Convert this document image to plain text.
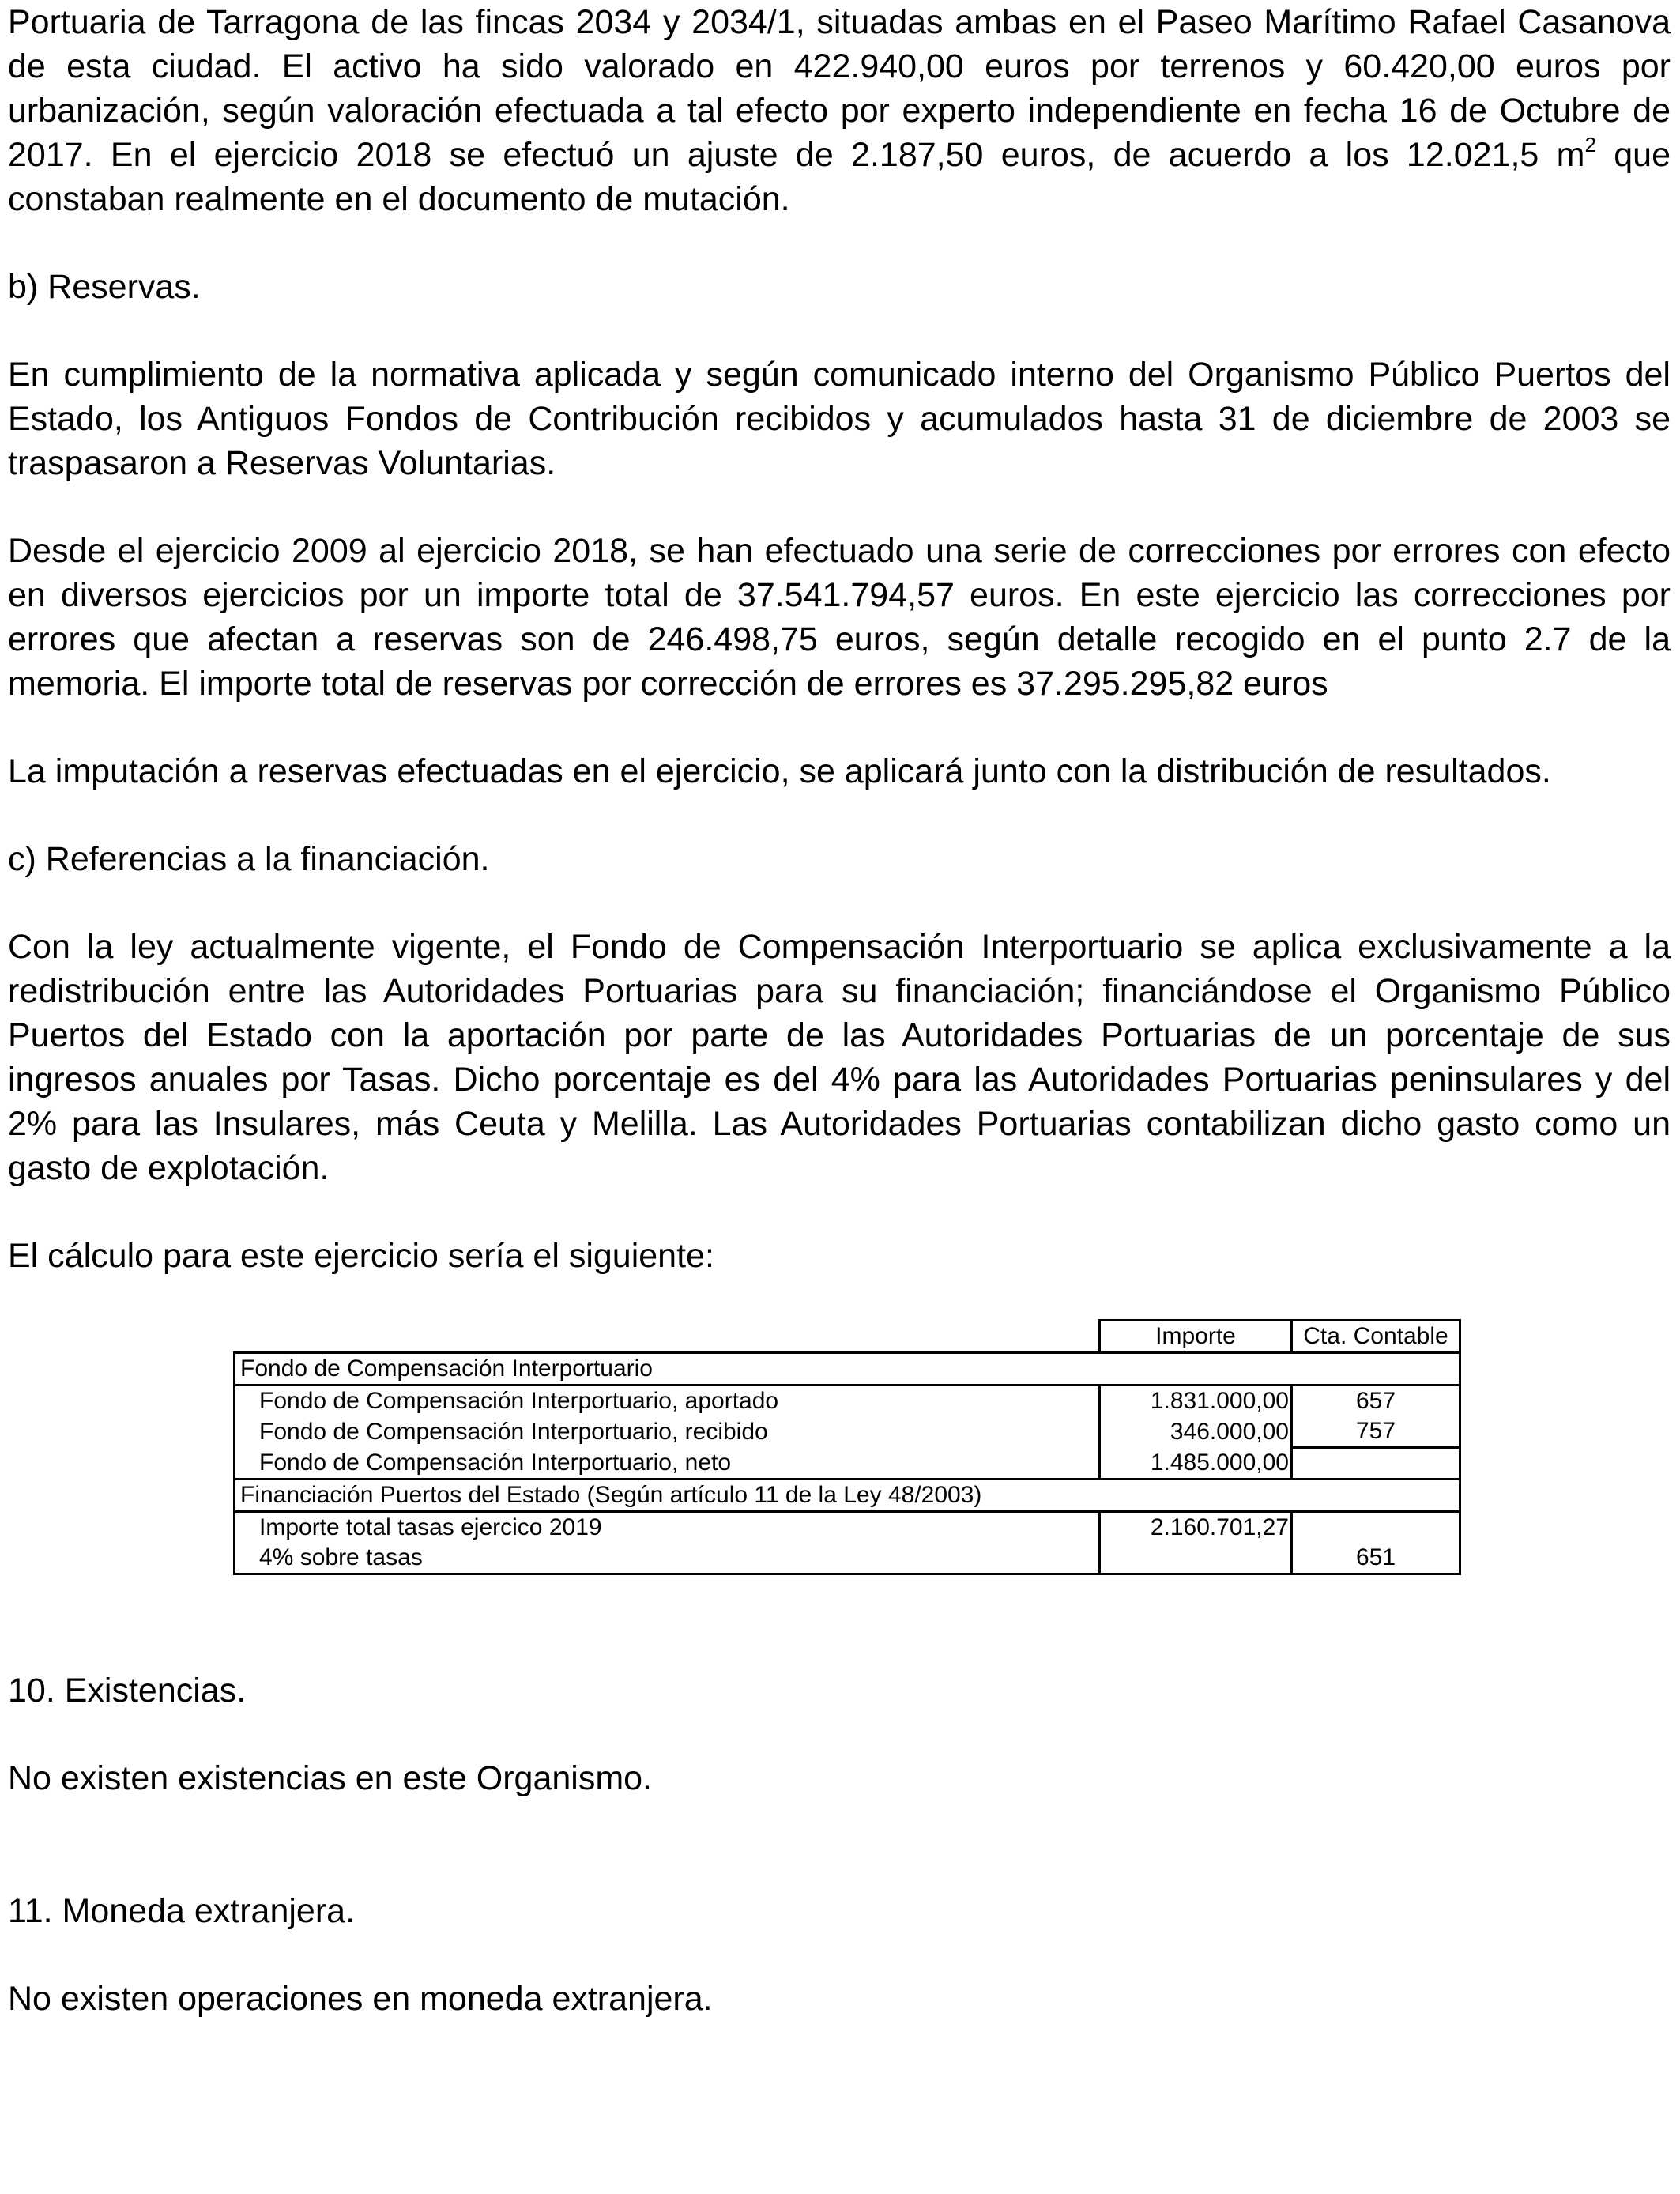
Portuaria de Tarragona de las fincas 2034 y 2034/1, situadas ambas en el Paseo Marítimo Rafael Casanova de esta ciudad. El activo ha sido valorado en 422.940,00 euros por terrenos y 60.420,00 euros por urbanización, según valoración efectuada a tal efecto por experto independiente en fecha 16 de Octubre de 2017. En el ejercicio 2018 se efectuó un ajuste de 2.187,50 euros, de acuerdo a los 12.021,5 $m^2$ que constaban realmente en el documento de mutación.

b) Reservas.

En cumplimiento de la normativa aplicada y según comunicado interno del Organismo Público Puertos del Estado, los Antiguos Fondos de Contribución recibidos y acumulados hasta 31 de diciembre de 2003 se traspasaron a Reservas Voluntarias.

Desde el ejercicio 2009 al ejercicio 2018, se han efectuado una serie de correcciones por errores con efecto en diversos ejercicios por un importe total de 37.541.794,57 euros. En este ejercicio las correcciones por errores que afectan a reservas son de 246.498,75 euros, según detalle recogido en el punto 2.7 de la memoria. El importe total de reservas por corrección de errores es 37.295.295,82 euros

La imputación a reservas efectuadas en el ejercicio, se aplicará junto con la distribución de resultados.

c) Referencias a la financiación.

Con la ley actualmente vigente, el Fondo de Compensación Interportuario se aplica exclusivamente a la redistribución entre las Autoridades Portuarias para su financiación; financiándose el Organismo Público Puertos del Estado con la aportación por parte de las Autoridades Portuarias de un porcentaje de sus ingresos anuales por Tasas. Dicho porcentaje es del 4% para las Autoridades Portuarias peninsulares y del 2% para las Insulares, más Ceuta y Melilla. Las Autoridades Portuarias contabilizan dicho gasto como un gasto de explotación.

El cálculo para este ejercicio sería el siguiente:

	Importe	Cta. Contable
Fondo de Compensación Interportuario		
Fondo de Compensación Interportuario, aportado	1.831.000,00	657
Fondo de Compensación Interportuario, recibido	346.000,00	757
Fondo de Compensación Interportuario, neto	1.485.000,00	
Financiación Puertos del Estado (Según artículo 11 de la Ley 48/2003)		
Importe total tasas ejercico 2019	2.160.701,27	
4% sobre tasas		651

10. Existencias.

No existen existencias en este Organismo.

11. Moneda extranjera.

No existen operaciones en moneda extranjera.
